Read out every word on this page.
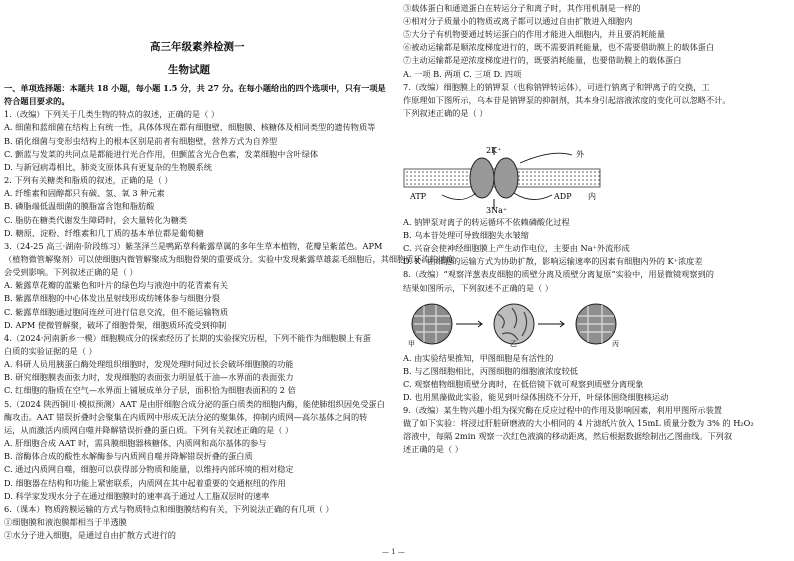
高三年级素养检测一
生物试题
一、单项选择题：本题共 18 小题，每小题 1.5 分，共 27 分。在每小题给出的四个选项中，只有一项是
符合题目要求的。
1.（改编）下列关于几类生物的特点的叙述，正确的是（ ）
A. 细菌和蓝细菌在结构上有统一性，具体体现在都有细胞壁、细胞膜、核糖体及相同类型的遗传物质等
B. 硝化细菌与变形虫结构上的根本区别是前者有细胞壁，营养方式为自养型
C. 颤蓝与发菜的共同点是都能进行光合作用，但颤蓝含光合色素，发菜细胞中含叶绿体
D. 与新冠病毒相比，肺炎支原体具有更复杂的生物膜系统
2. 下列有关糖类和脂质的叙述，正确的是（ ）
A. 纤维素和固醇都只有碳、氢、氧 3 种元素
B. 磷脂端低温细菌的膜脂富含饱和脂肪酸
C. 脂肪在糖类代谢发生障碍时，会大量转化为糖类
D. 糖原、淀粉、纤维素和几丁质的基本单位都是葡萄糖
3.（24-25 高三·湖南·阶段练习）紫茎泽兰是鸭跖草科紫露草属的多年生草本植物，花瓣呈紫蓝色。APM
（植物微管解聚剂）可以使细胞内微管解聚成为细胞骨架的重要成分。实验中发现紫露草雄蕊毛细胞后，其细胞质环流的速度
会受到影响。下列叙述正确的是（ ）
A. 紫露草花瓣的蓝紫色和叶片的绿色均与液泡中的花青素有关
B. 紫露草细胞的中心体发出星射线形成纺锤体参与细胞分裂
C. 紫露草细胞通过胞间连丝可进行信息交流，但不能运输物质
D. APM 使微管解聚，破坏了细胞骨架，细胞质环流受到抑制
4.（2024·河南新乡一模）细胞膜成分的探索经历了长期的实验探究历程，下列不能作为细胞膜上有蛋
白质的实验证据的是（ ）
A. 科研人员用胰蛋白酶处理组织细胞时，发现处理时间过长会破坏细胞膜的功能
B. 研究细胞膜表面张力时，发现细胞的表面张力明显低于油—水界面的表面张力
C. 红细胞的脂质在空气—水界面上铺展成单分子层，面积恰为细胞表面积的 2 倍
5.（2024 陕西铜川·模拟预测）AAT 是由肝细胞合成分泌的蛋白质类的细胞内酶，能使肺组织因免受蛋白
酶攻击。AAT 错误折叠时会聚集在内质网中形成无法分泌的聚集体，抑制内质网—高尔基体之间的转
运，从而激活内质网自噬并降解错误折叠的蛋白质。下列有关叙述正确的是（ ）
A. 肝细胞合成 AAT 时，需具膜细胞器核糖体、内质网和高尔基体的参与
B. 溶酶体合成的酸性水解酶参与内质网自噬并降解错误折叠的蛋白质
C. 通过内质网自噬，细胞可以获得部分物质和能量，以维持内部环境的相对稳定
D. 细胞器在结构和功能上紧密联系，内质网在其中起着重要的交通枢纽的作用
D. 科学家发现水分子在通过细胞膜时的速率高于通过人工脂双层时的速率
6.（课本）物质跨膜运输的方式与物质特点和细胞膜结构有关，下列说法正确的有几项（ ）
①细胞膜和液泡膜都相当于半透膜
②水分子进入细胞，是通过自由扩散方式进行的
③载体蛋白和通道蛋白在转运分子和离子时，其作用机制是一样的
④相对分子质量小的物质或离子都可以通过自由扩散进入细胞内
⑤大分子有机物要通过转运蛋白的作用才能进入细胞内，并且要消耗能量
⑥被动运输都是顺浓度梯度进行的，既不需要消耗能量，也不需要借助膜上的载体蛋白
⑦主动运输都是逆浓度梯度进行的，既要消耗能量，也要借助膜上的载体蛋白
A. 一项 B. 两项 C. 三项 D. 四项
7.（改编）细胞膜上的钠钾泵（也称钠钾转运体），可进行钠离子和钾离子的交换，工
作原理如下图所示，乌本苷是钠钾泵的抑制剂，其本身引起溶液浓度的变化可以忽略不计。
下列叙述正确的是（ ）
A. 钠钾泵对离子的转运循环不依赖磷酸化过程
B. 乌本苷处理可导致细胞失水皱缩
C. 兴奋会使神经细胞膜上产生动作电位，主要由 Na⁺外流形成
D. K⁺ 由细胞的运输方式为协助扩散，影响运输速率的因素有细胞内外的 K⁺浓度差
8.（改编）“观察洋葱表皮细胞的质壁分离及质壁分离复原”实验中，用显微镜观察到的
结果如图所示，下列叙述不正确的是（ ）
A. 由实验结果推知，甲图细胞是有活性的
B. 与乙图细胞相比，丙图细胞的细胞液浓度较低
C. 观察植物细胞质壁分离时，在低倍镜下就可观察到质壁分离现象
D. 也用黑藻做此实验，能见到叶绿体围绕不分开，叶绿体围绕细胞核运动
9.（改编）某生物兴趣小组为探究酶在反应过程中的作用及影响因素，利用甲图所示装置
做了如下实验：将浸过肝脏研磨液的大小相同的 4 片滤纸片放入 15mL 质量分数为 3% 的 H₂O₂
溶液中，每隔 2min 观察一次红色液滴的移动距离，然后根据数据绘制出乙图曲线。下列叙
述正确的是（ ）
2K⁺	外
内
ATP	ADP
3Na⁺
甲	乙	丙
— 1 —
